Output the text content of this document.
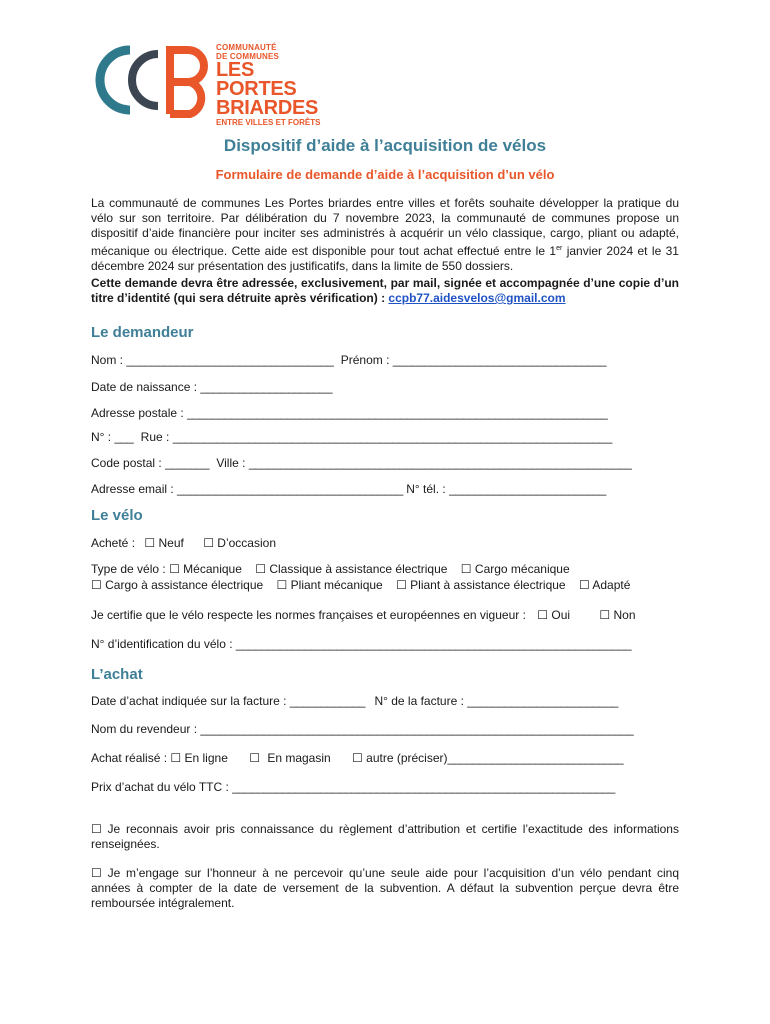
COMMUNAUTÉ
DE COMMUNES
LES
PORTES
BRIARDES
ENTRE VILLES ET FORÊTS
Dispositif d’aide à l’acquisition de vélos
Formulaire de demande d’aide à l’acquisition d’un vélo
La communauté de communes Les Portes briardes entre villes et forêts souhaite développer la pratique du vélo sur son territoire. Par délibération du 7 novembre 2023, la communauté de communes propose un dispositif d’aide financière pour inciter ses administrés à acquérir un vélo classique, cargo, pliant ou adapté, mécanique ou électrique. Cette aide est disponible pour tout achat effectué entre le 1er janvier 2024 et le 31 décembre 2024 sur présentation des justificatifs, dans la limite de 550 dossiers.
Cette demande devra être adressée, exclusivement, par mail, signée et accompagnée d’une copie d’un titre d’identité (qui sera détruite après vérification) : ccpb77.aidesvelos@gmail.com
Le demandeur
Nom : _________________________________ Prénom : __________________________________
Date de naissance : _____________________
Adresse postale : ___________________________________________________________________
N° : ___ Rue : ______________________________________________________________________
Code postal : _______ Ville : _____________________________________________________________
Adresse email : ____________________________________ N° tél. : _________________________
Le vélo
Acheté : ☐ Neuf ☐ D’occasion
Type de vélo : ☐ Mécanique ☐ Classique à assistance électrique ☐ Cargo mécanique
☐ Cargo à assistance électrique ☐ Pliant mécanique ☐ Pliant à assistance électrique ☐ Adapté
Je certifie que le vélo respecte les normes françaises et européennes en vigueur : ☐ Oui ☐ Non
N° d’identification du vélo : _______________________________________________________________
L’achat
Date d’achat indiquée sur la facture : ____________ N° de la facture : ________________________
Nom du revendeur : _____________________________________________________________________
Achat réalisé : ☐ En ligne ☐ En magasin ☐ autre (préciser)____________________________
Prix d’achat du vélo TTC : _____________________________________________________________
☐ Je reconnais avoir pris connaissance du règlement d’attribution et certifie l’exactitude des informations renseignées.
☐ Je m’engage sur l’honneur à ne percevoir qu’une seule aide pour l’acquisition d’un vélo pendant cinq années à compter de la date de versement de la subvention. A défaut la subvention perçue devra être remboursée intégralement.
